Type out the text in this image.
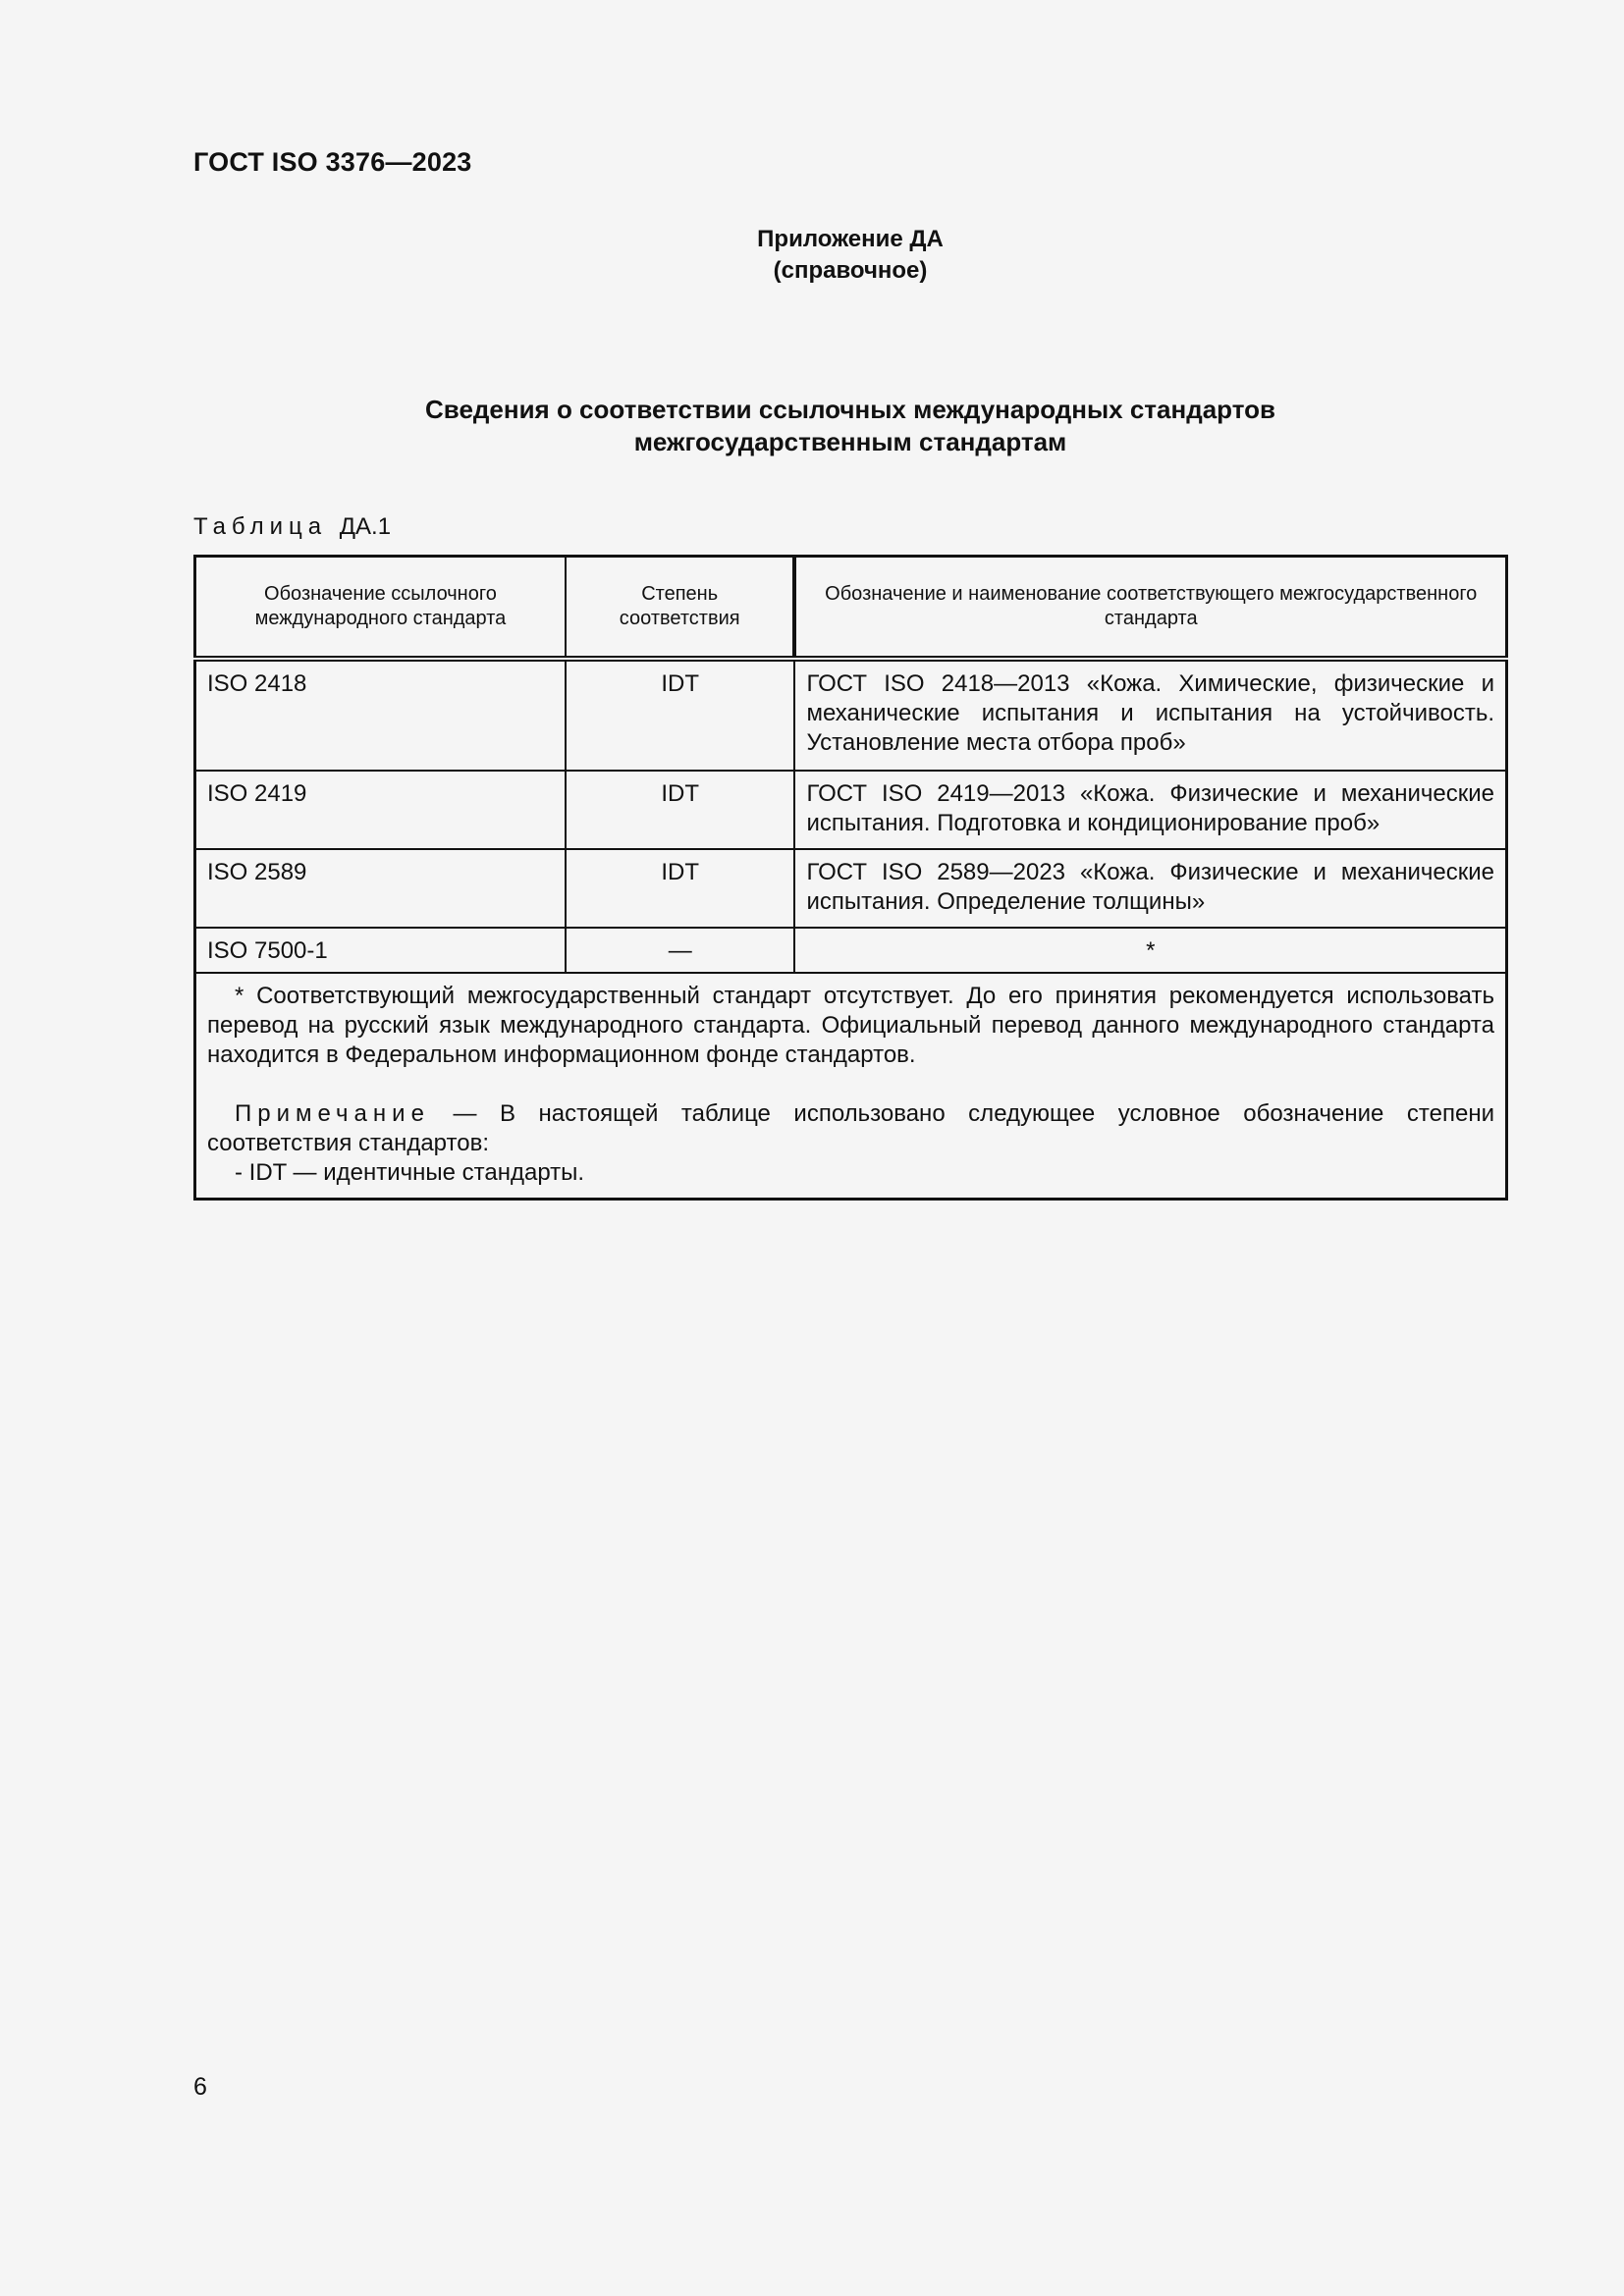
ГОСТ ISO 3376—2023
Приложение ДА
(справочное)
Сведения о соответствии ссылочных международных стандартов
межгосударственным стандартам
Таблица ДА.1
Обозначение ссылочного международного стандарта	Степень соответствия	Обозначение и наименование соответствующего межгосударственного стандарта
ISO 2418	IDT	ГОСТ ISO 2418—2013 «Кожа. Химические, физические и механические испытания и испытания на устойчивость. Установление места отбора проб»
ISO 2419	IDT	ГОСТ ISO 2419—2013 «Кожа. Физические и механические испытания. Подготовка и кондиционирование проб»
ISO 2589	IDT	ГОСТ ISO 2589—2023 «Кожа. Физические и механические испытания. Определение толщины»
ISO 7500-1	—	*

* Соответствующий межгосударственный стандарт отсутствует. До его принятия рекомендуется использовать перевод на русский язык международного стандарта. Официальный перевод данного международного стандарта находится в Федеральном информационном фонде стандартов.
Примечание — В настоящей таблице использовано следующее условное обозначение степени соответствия стандартов:
- IDT — идентичные стандарты.		
6
